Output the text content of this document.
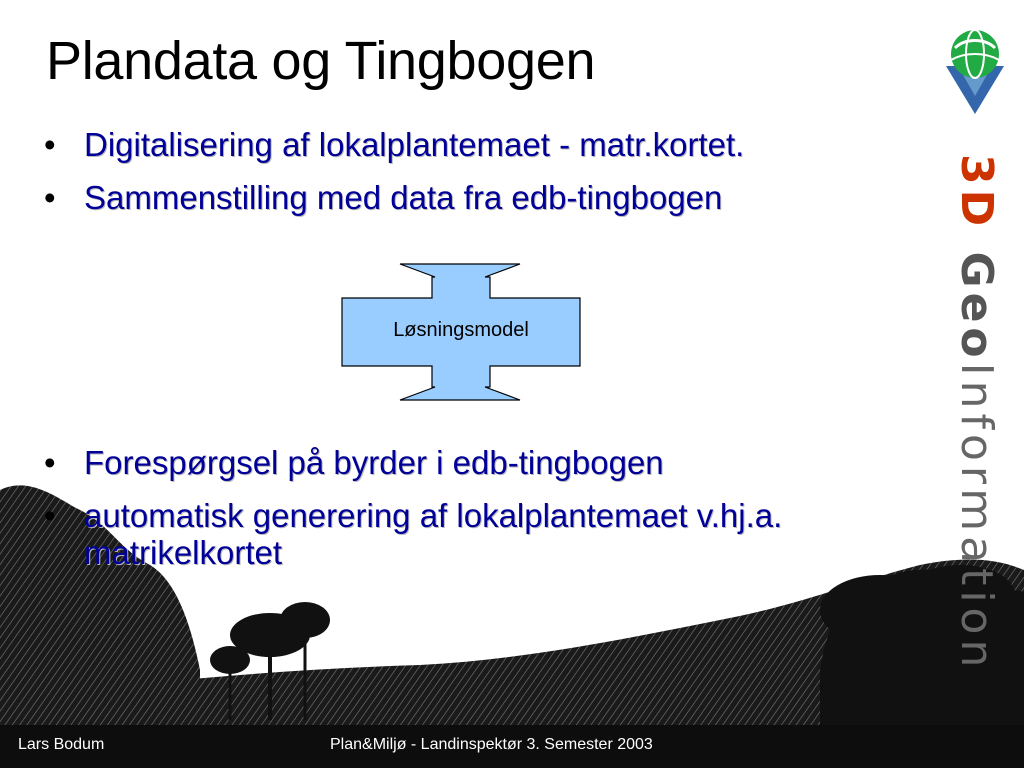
Plandata og Tingbogen
• Digitalisering af lokalplantemaet - matr.kortet.
• Sammenstilling med data fra edb-tingbogen
Løsningsmodel
• Forespørgsel på byrder i edb-tingbogen
• automatisk generering af lokalplantemaet v.hj.a. matrikelkortet
3D GeoInformation
Lars Bodum	Plan&Miljø - Landinspektør 3. Semester 2003
